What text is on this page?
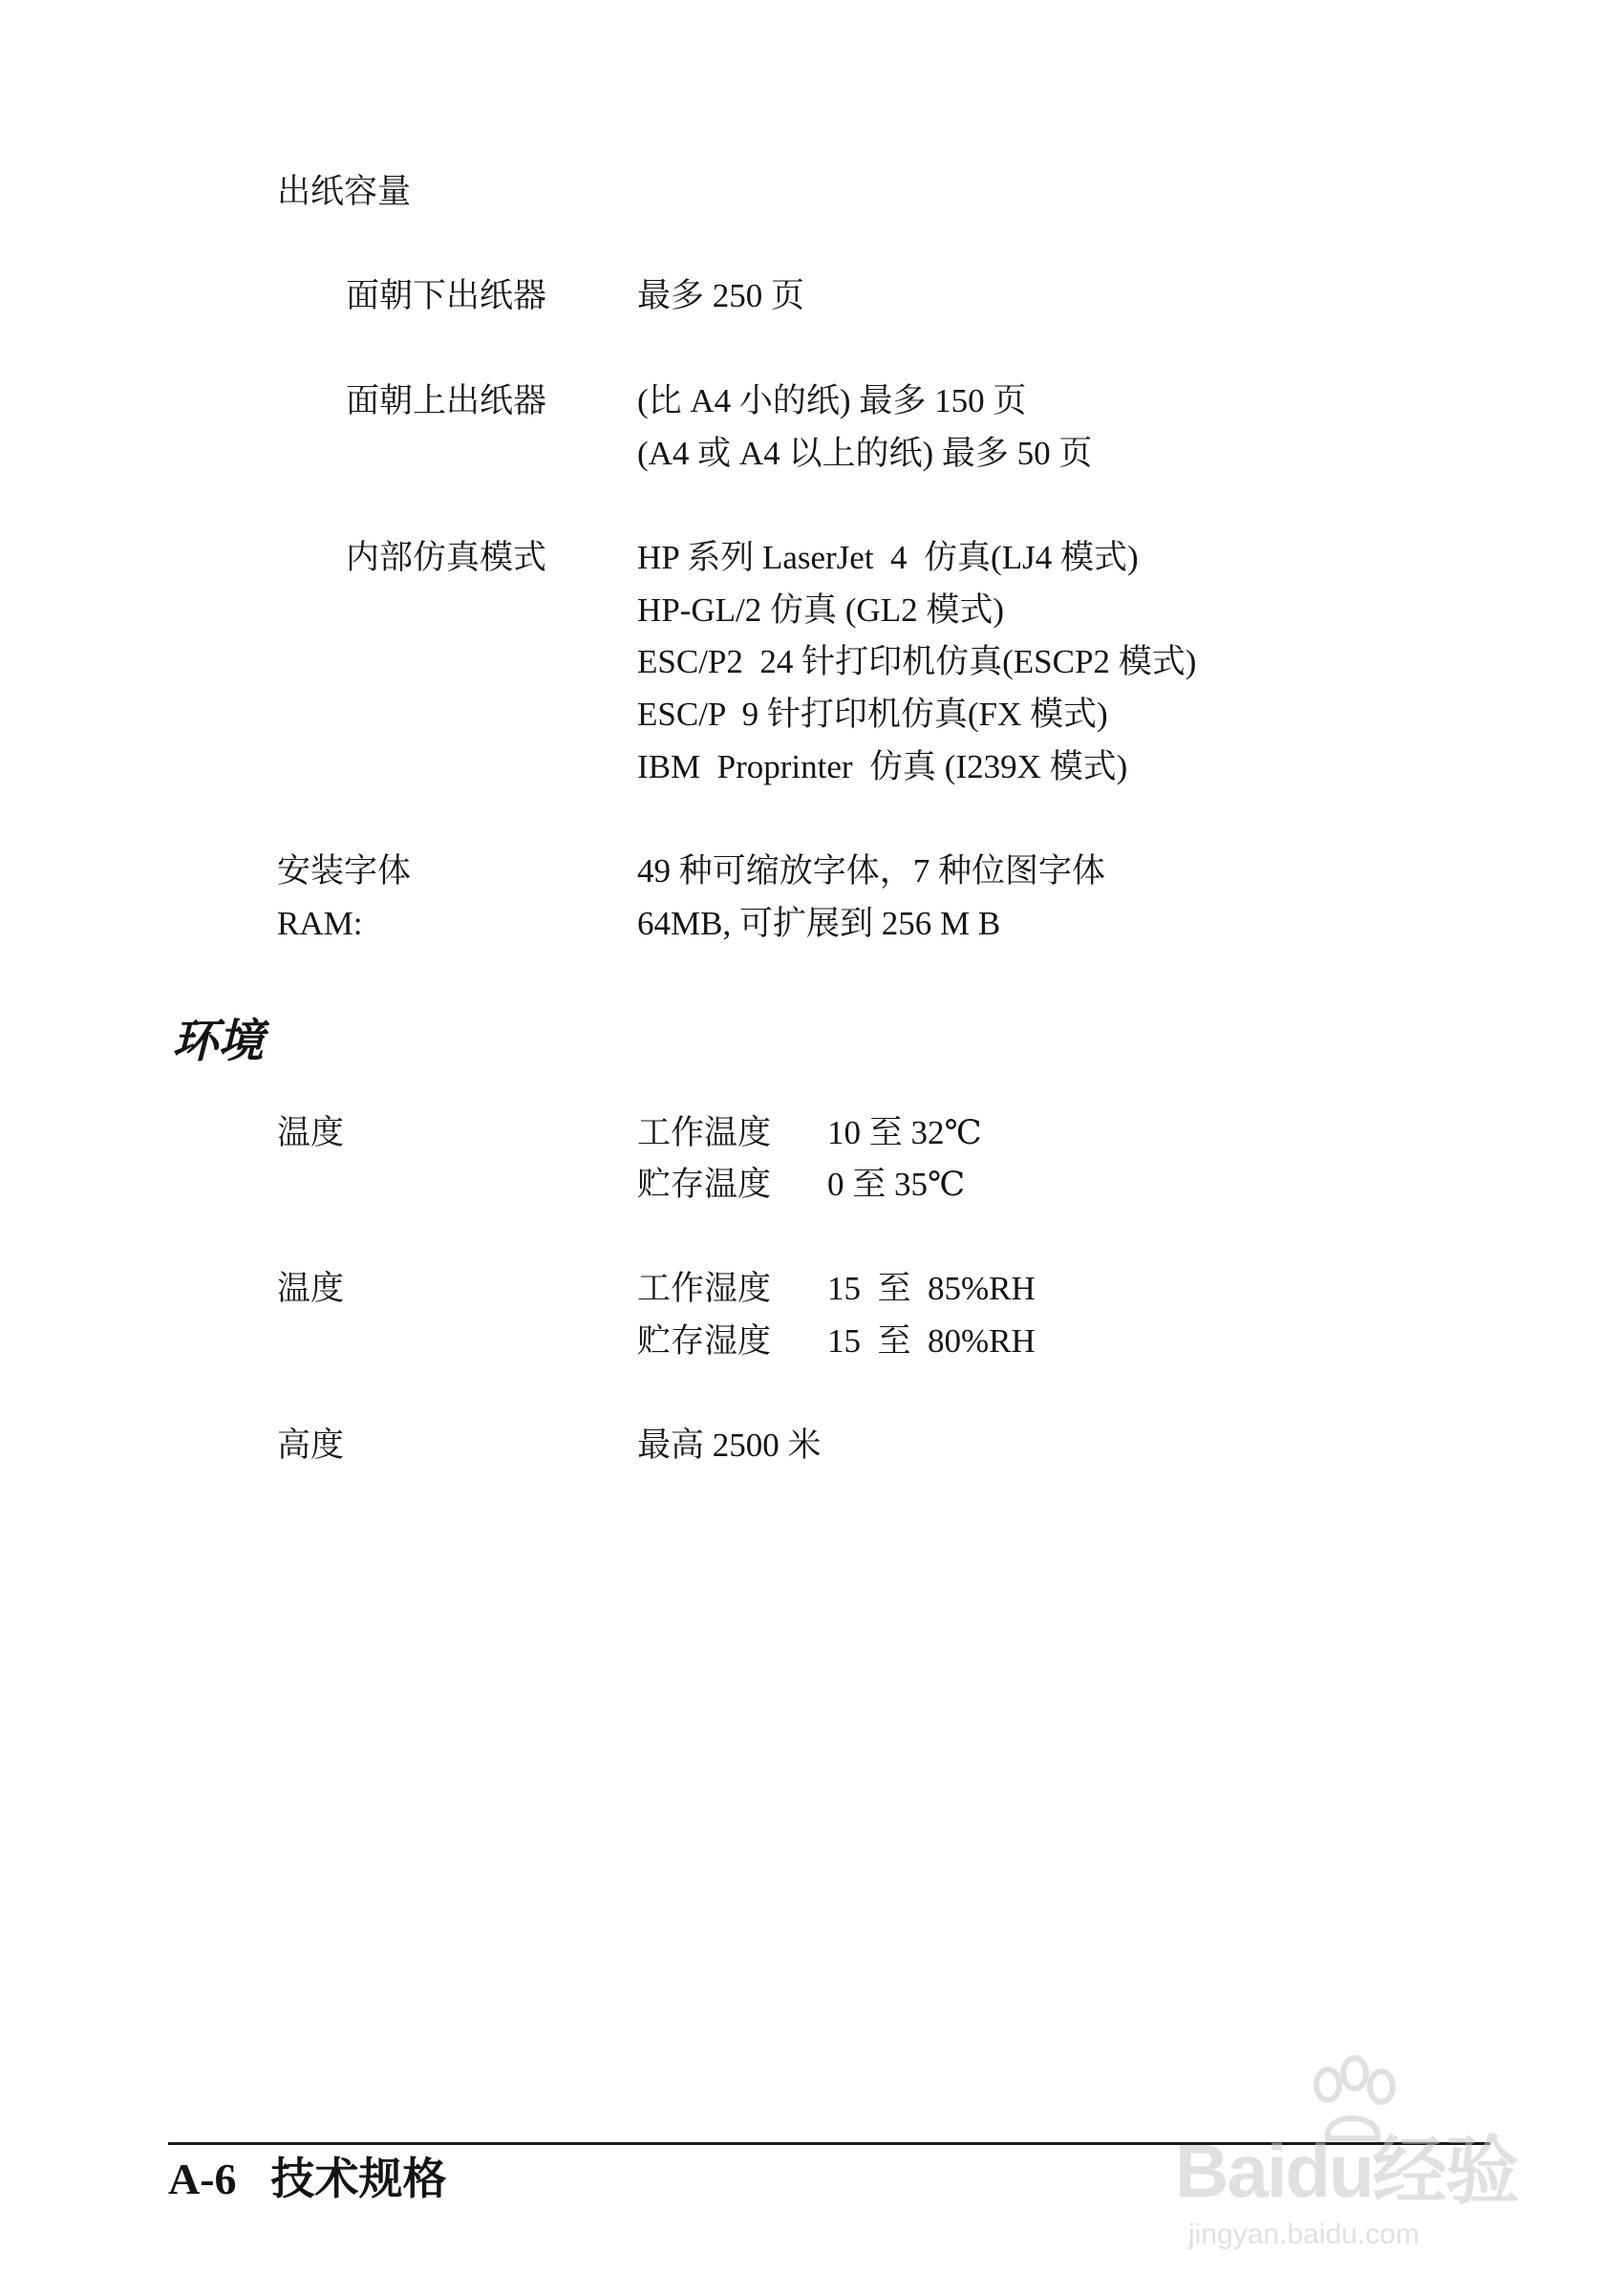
出纸容量
面朝下出纸器	最多 250 页
面朝上出纸器	(比 A4 小的纸) 最多 150 页
(A4 或 A4 以上的纸) 最多 50 页
内部仿真模式	HP 系列 LaserJet  4  仿真(LJ4 模式)
HP-GL/2 仿真 (GL2 模式)
ESC/P2  24 针打印机仿真(ESCP2 模式)
ESC/P  9 针打印机仿真(FX 模式)
IBM  Proprinter  仿真 (I239X 模式)
安装字体	49 种可缩放字体，7 种位图字体
RAM:	64MB, 可扩展到 256 M B
环境
温度	工作温度 10 至 32℃
贮存温度 0 至 35℃
温度	工作湿度 15  至  85%RH
贮存湿度 15  至  80%RH
高度	最高 2500 米
A-6 技术规格	Baidu经验
jingyan.baidu.com
